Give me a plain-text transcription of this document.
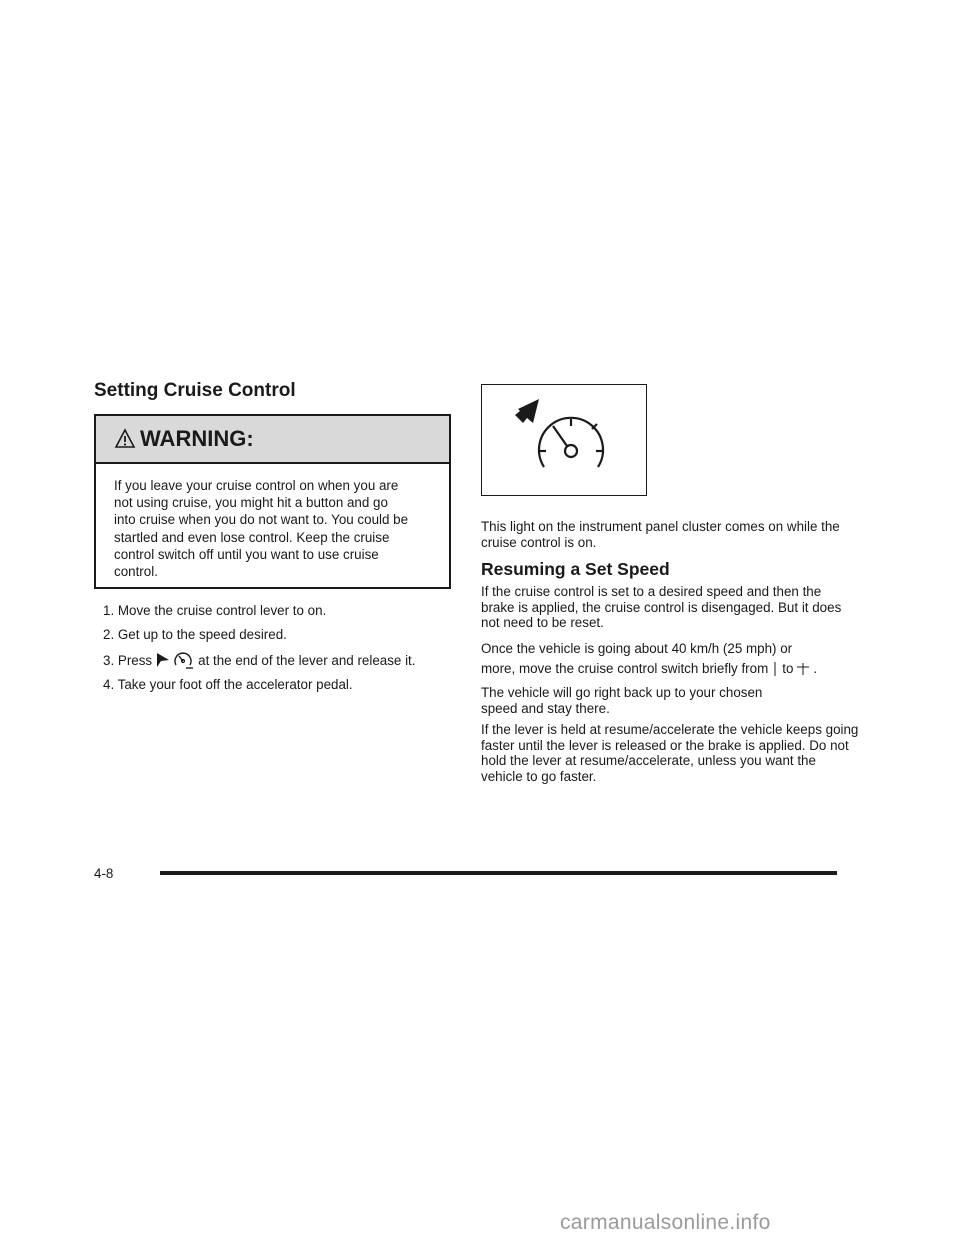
Setting Cruise Control
WARNING:
If you leave your cruise control on when you are
not using cruise, you might hit a button and go
into cruise when you do not want to. You could be
startled and even lose control. Keep the cruise
control switch off until you want to use cruise
control.
1. Move the cruise control lever to on.
2. Get up to the speed desired.
3. Press	at the end of the lever and release it.
4. Take your foot off the accelerator pedal.
This light on the instrument panel cluster comes on while the cruise control is on.
Resuming a Set Speed
If the cruise control is set to a desired speed and then the brake is applied, the cruise control is disengaged. But it does not need to be reset.
Once the vehicle is going about 40 km/h (25 mph) or
more, move the cruise control switch briefly from to .
The vehicle will go right back up to your chosen speed and stay there.
If the lever is held at resume/accelerate the vehicle keeps going faster until the lever is released or the brake is applied. Do not hold the lever at resume/accelerate, unless you want the vehicle to go faster.
4-8
carmanualsonline.info
